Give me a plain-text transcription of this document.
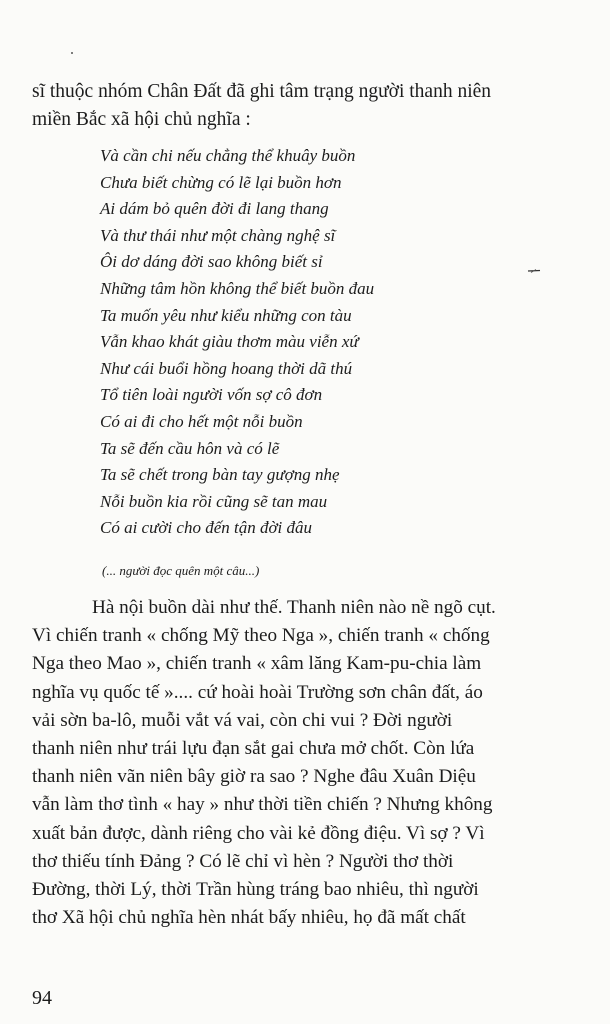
sĩ thuộc nhóm Chân Đất đã ghi tâm trạng người thanh niên
miền Bắc xã hội chủ nghĩa :

Và cần chi nếu chẳng thể khuây buồn
Chưa biết chừng có lẽ lại buồn hơn
Ai dám bỏ quên đời đi lang thang
Và thư thái như một chàng nghệ sĩ
Ôi dơ dáng đời sao không biết sỉ
Những tâm hồn không thể biết buồn đau
Ta muốn yêu như kiểu những con tàu
Vẫn khao khát giàu thơm màu viễn xứ
Như cái buổi hồng hoang thời dã thú
Tổ tiên loài người vốn sợ cô đơn
Có ai đi cho hết một nỗi buồn
Ta sẽ đến cầu hôn và có lẽ
Ta sẽ chết trong bàn tay gượng nhẹ
Nỗi buồn kia rồi cũng sẽ tan mau
Có ai cười cho đến tận đời đâu
(... người đọc quên một câu...)

Hà nội buồn dài như thế. Thanh niên nào nề ngõ cụt.
Vì chiến tranh « chống Mỹ theo Nga », chiến tranh « chống
Nga theo Mao », chiến tranh « xâm lăng Kam-pu-chia làm
nghĩa vụ quốc tế ».... cứ hoài hoài Trường sơn chân đất, áo
vải sờn ba-lô, muỗi vắt vá vai, còn chi vui ? Đời người
thanh niên như trái lựu đạn sắt gai chưa mở chốt. Còn lứa
thanh niên vãn niên bây giờ ra sao ? Nghe đâu Xuân Diệu
vẫn làm thơ tình « hay » như thời tiền chiến ? Nhưng không
xuất bản được, dành riêng cho vài kẻ đồng điệu. Vì sợ ? Vì
thơ thiếu tính Đảng ? Có lẽ chỉ vì hèn ? Người thơ thời
Đường, thời Lý, thời Trần hùng tráng bao nhiêu, thì người
thơ Xã hội chủ nghĩa hèn nhát bấy nhiêu, họ đã mất chất

94
